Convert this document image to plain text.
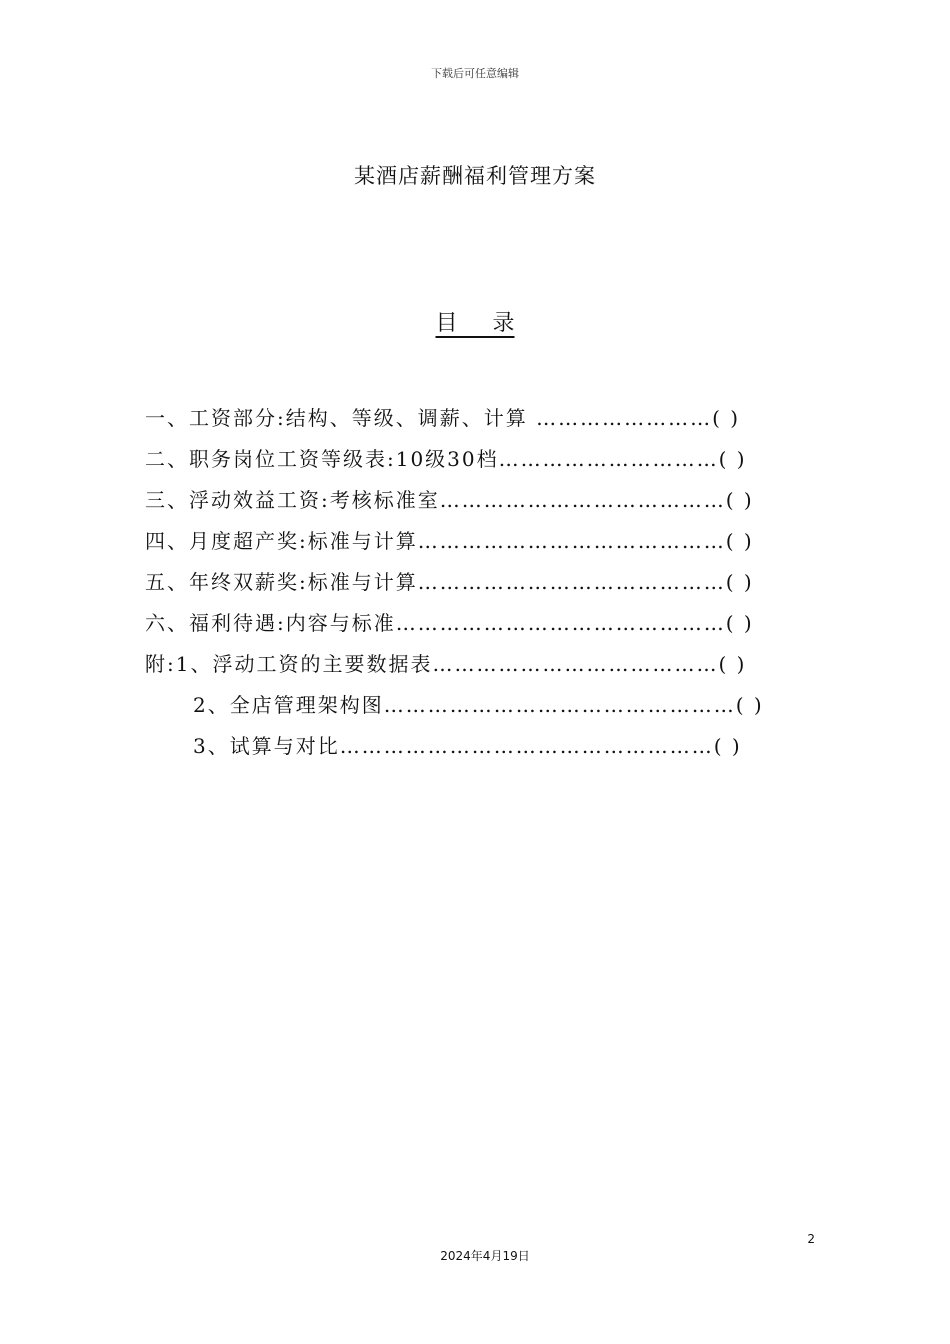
下载后可任意编辑
某酒店薪酬福利管理方案
目 录
一、工资部分:结构、等级、调薪、计算 ……………………( )
二、职务岗位工资等级表:10级30档…………………………( )
三、浮动效益工资:考核标准室…………………………………( )
四、月度超产奖:标准与计算……………………………………( )
五、年终双薪奖:标准与计算……………………………………( )
六、福利待遇:内容与标准………………………………………( )
附:1、浮动工资的主要数据表…………………………………( )
2、全店管理架构图…………………………………………( )
3、试算与对比……………………………………………( )
2
2024年4月19日
